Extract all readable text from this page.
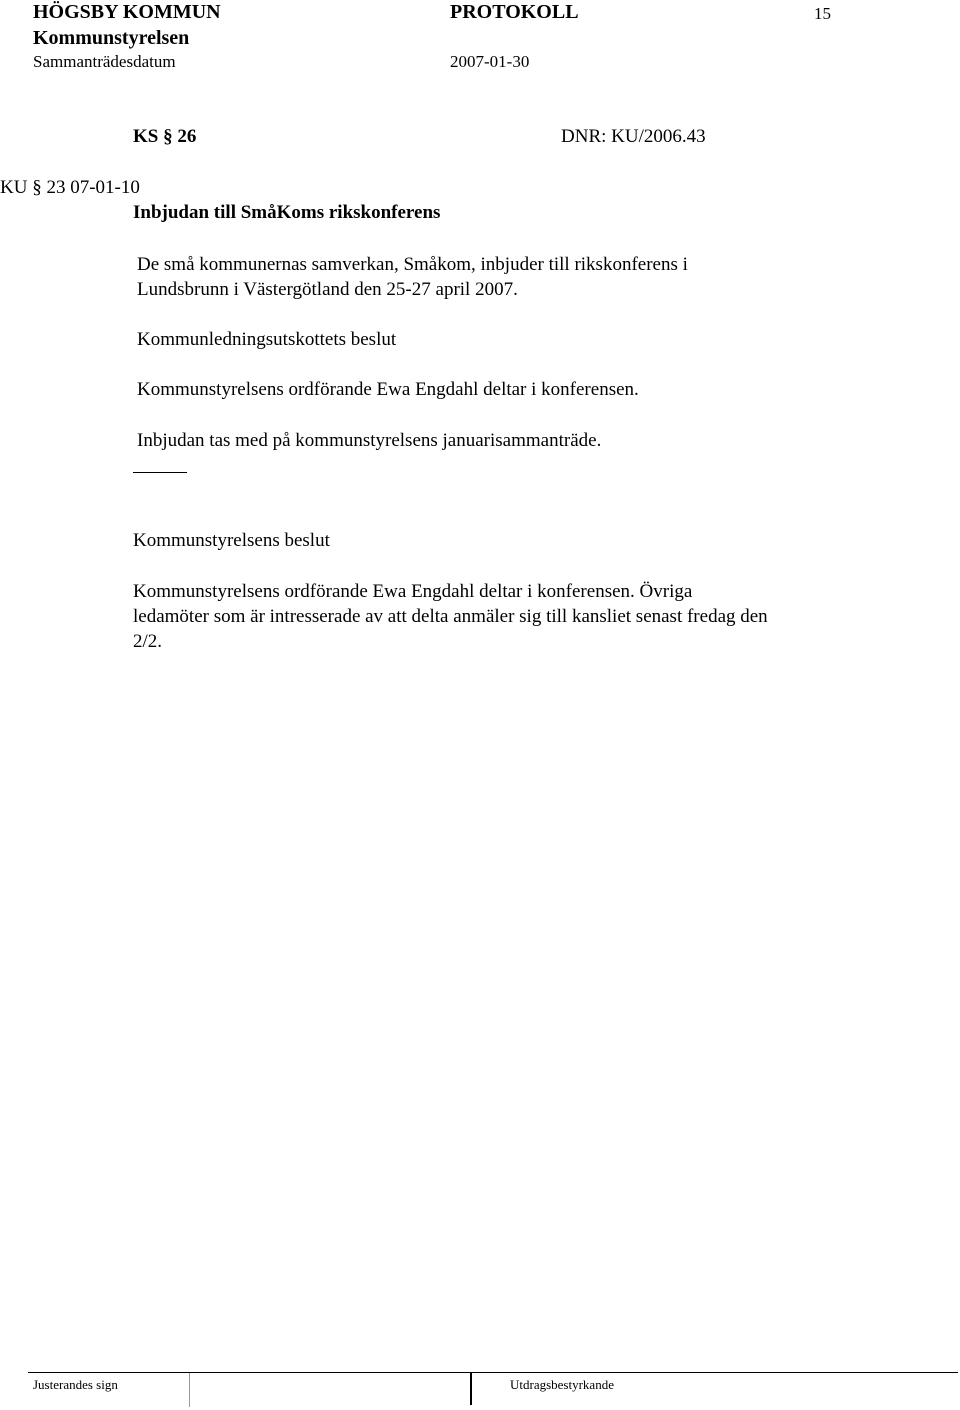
HÖGSBY KOMMUN	PROTOKOLL	15
Kommunstyrelsen
Sammanträdesdatum	2007-01-30
KS § 26	DNR: KU/2006.43
KU § 23 07-01-10
Inbjudan till SmåKoms rikskonferens
De små kommunernas samverkan, Småkom, inbjuder till rikskonferens i
Lundsbrunn i Västergötland den 25-27 april 2007.
Kommunledningsutskottets beslut
Kommunstyrelsens ordförande Ewa Engdahl deltar i konferensen.
Inbjudan tas med på kommunstyrelsens januarisammanträde.
Kommunstyrelsens beslut
Kommunstyrelsens ordförande Ewa Engdahl deltar i konferensen. Övriga
ledamöter som är intresserade av att delta anmäler sig till kansliet senast fredag den
2/2.
Justerandes sign	Utdragsbestyrkande
